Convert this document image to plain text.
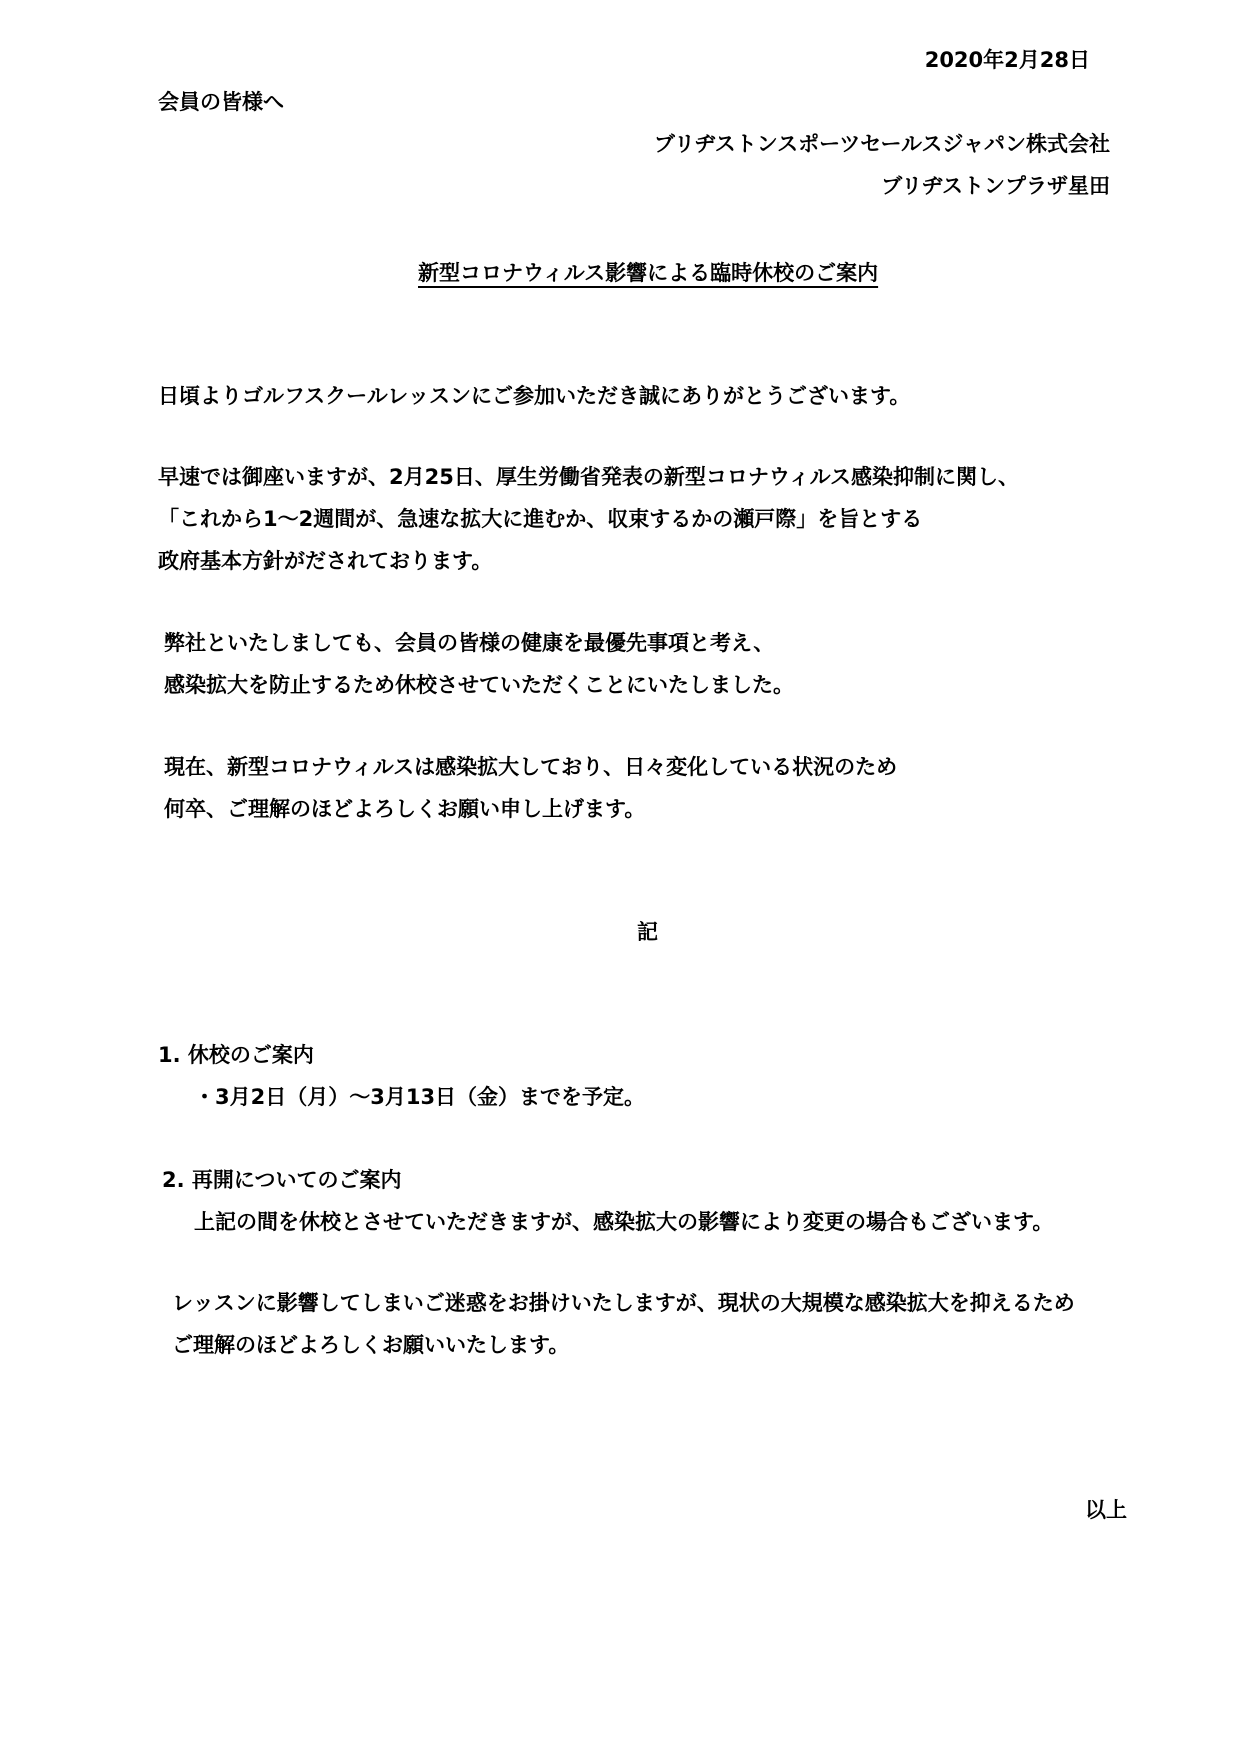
2020年2月28日

会員の皆様へ

ブリヂストンスポーツセールスジャパン株式会社

ブリヂストンプラザ星田

新型コロナウィルス影響による臨時休校のご案内

日頃よりゴルフスクールレッスンにご参加いただき誠にありがとうございます。

早速では御座いますが、2月25日、厚生労働省発表の新型コロナウィルス感染抑制に関し、

「これから1～2週間が、急速な拡大に進むか、収束するかの瀬戸際」を旨とする

政府基本方針がだされております。

弊社といたしましても、会員の皆様の健康を最優先事項と考え、

感染拡大を防止するため休校させていただくことにいたしました。

現在、新型コロナウィルスは感染拡大しており、日々変化している状況のため

何卒、ご理解のほどよろしくお願い申し上げます。

記

1. 休校のご案内

・3月2日（月）～3月13日（金）までを予定。

2. 再開についてのご案内

上記の間を休校とさせていただきますが、感染拡大の影響により変更の場合もございます。

レッスンに影響してしまいご迷惑をお掛けいたしますが、現状の大規模な感染拡大を抑えるため

ご理解のほどよろしくお願いいたします。

以上
